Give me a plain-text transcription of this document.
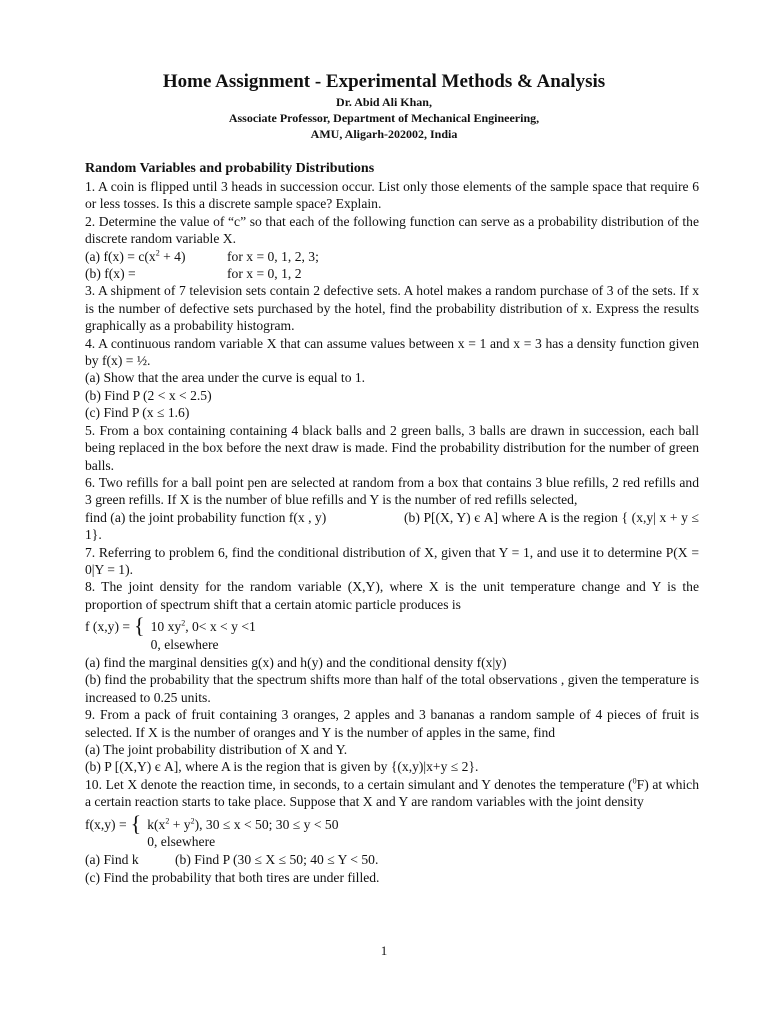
Home Assignment - Experimental Methods & Analysis
Dr. Abid Ali Khan,
Associate Professor, Department of Mechanical Engineering,
AMU, Aligarh-202002, India
Random Variables and probability Distributions

1. A coin is flipped until 3 heads in succession occur. List only those elements of the sample space that require 6 or less tosses. Is this a discrete sample space? Explain.

2. Determine the value of “c” so that each of the following function can serve as a probability distribution of the discrete random variable X.

(a) $f(x) = c(x^2 + 4)$	for x = 0, 1, 2, 3;

(b) f(x) =	for x = 0, 1, 2

3. A shipment of 7 television sets contain 2 defective sets. A hotel makes a random purchase of 3 of the sets. If x is the number of defective sets purchased by the hotel, find the probability distribution of x. Express the results graphically as a probability histogram.

4. A continuous random variable X that can assume values between x = 1 and x = 3 has a density function given by f(x) = ½.

(a) Show that the area under the curve is equal to 1.

(b) Find P (2 < x < 2.5)

(c) Find P (x ≤ 1.6)

5. From a box containing containing 4 black balls and 2 green balls, 3 balls are drawn in succession, each ball being replaced in the box before the next draw is made. Find the probability distribution for the number of green balls.

6. Two refills for a ball point pen are selected at random from a box that contains 3 blue refills, 2 red refills and 3 green refills. If X is the number of blue refills and Y is the number of red refills selected,

find (a) the joint probability function f(x , y)	(b) P[(X, Y) є A] where A is the region { (x,y| x + y ≤ 1}.

7. Referring to problem 6, find the conditional distribution of X, given that Y = 1, and use it to determine P(X = 0|Y = 1).

8. The joint density for the random variable (X,Y), where X is the unit temperature change and Y is the proportion of spectrum shift that a certain atomic particle produces is

f (x,y) = { 10 $xy^2$, 0< x < y <1
0, elsewhere

(a) find the marginal densities g(x) and h(y) and the conditional density f(x|y)

(b) find the probability that the spectrum shifts more than half of the total observations , given the temperature is increased to 0.25 units.

9. From a pack of fruit containing 3 oranges, 2 apples and 3 bananas a random sample of 4 pieces of fruit is selected. If X is the number of oranges and Y is the number of apples in the same, find

(a) The joint probability distribution of X and Y.

(b) P [(X,Y) є A], where A is the region that is given by {(x,y)|x+y ≤ 2}.

10. Let X denote the reaction time, in seconds, to a certain simulant and Y denotes the temperature ($^0$F) at which a certain reaction starts to take place. Suppose that X and Y are random variables with the joint density

f(x,y) = { $k(x^2 + y^2)$, 30 ≤ x < 50; 30 ≤ y < 50
0, elsewhere

(a) Find k	(b) Find P (30 ≤ X ≤ 50; 40 ≤ Y < 50.

(c) Find the probability that both tires are under filled.

1
